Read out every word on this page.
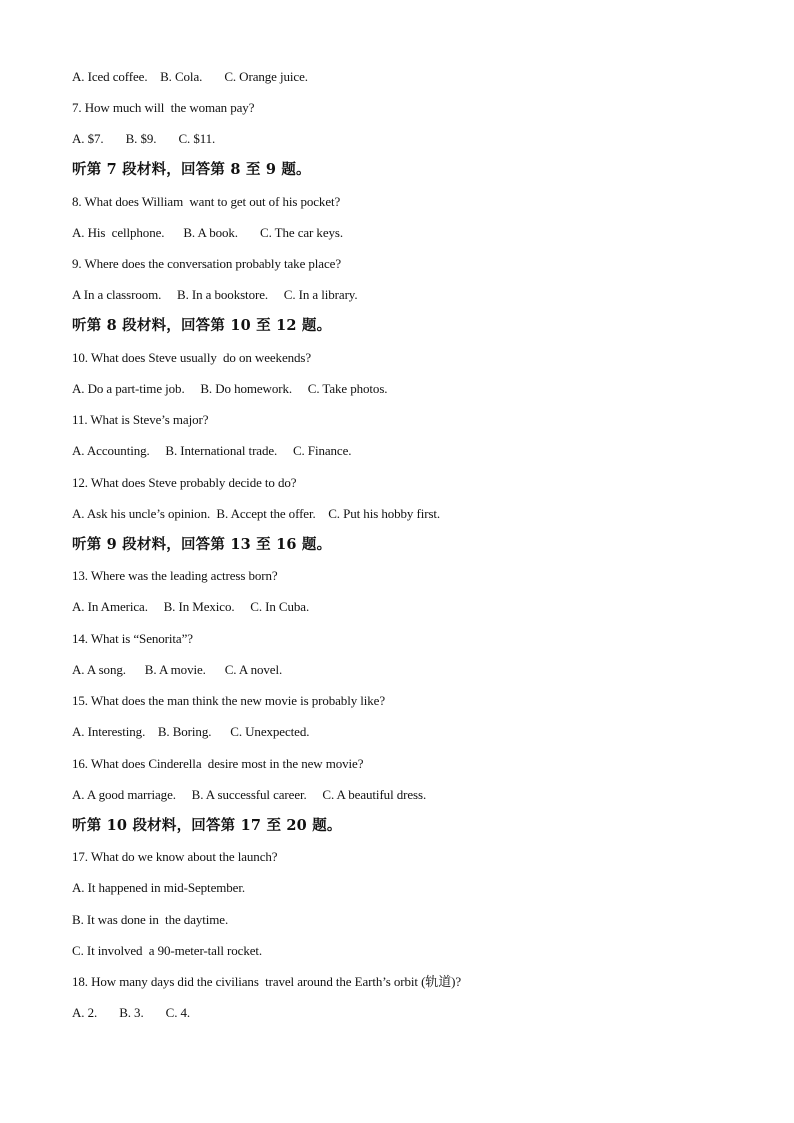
A. Iced coffee.    B. Cola.       C. Orange juice.
7. How much will  the woman pay?
A. $7.       B. $9.       C. $11.
听第 7 段材料，回答第 8 至 9 题。
8. What does William  want to get out of his pocket?
A. His  cellphone.      B. A book.       C. The car keys.
9. Where does the conversation probably take place?
A In a classroom.     B. In a bookstore.     C. In a library.
听第 8 段材料，回答第 10 至 12 题。
10. What does Steve usually  do on weekends?
A. Do a part-time job.     B. Do homework.     C. Take photos.
11. What is Steve’s major?
A. Accounting.     B. International trade.     C. Finance.
12. What does Steve probably decide to do?
A. Ask his uncle’s opinion.  B. Accept the offer.    C. Put his hobby first.
听第 9 段材料，回答第 13 至 16 题。
13. Where was the leading actress born?
A. In America.     B. In Mexico.     C. In Cuba.
14. What is “Senorita”?
A. A song.      B. A movie.      C. A novel.
15. What does the man think the new movie is probably like?
A. Interesting.    B. Boring.      C. Unexpected.
16. What does Cinderella  desire most in the new movie?
A. A good marriage.     B. A successful career.     C. A beautiful dress.
听第 10 段材料，回答第 17 至 20 题。
17. What do we know about the launch?
A. It happened in mid-September.
B. It was done in  the daytime.
C. It involved  a 90-meter-tall rocket.
18. How many days did the civilians  travel around the Earth’s orbit (轨道)?
A. 2.       B. 3.       C. 4.
